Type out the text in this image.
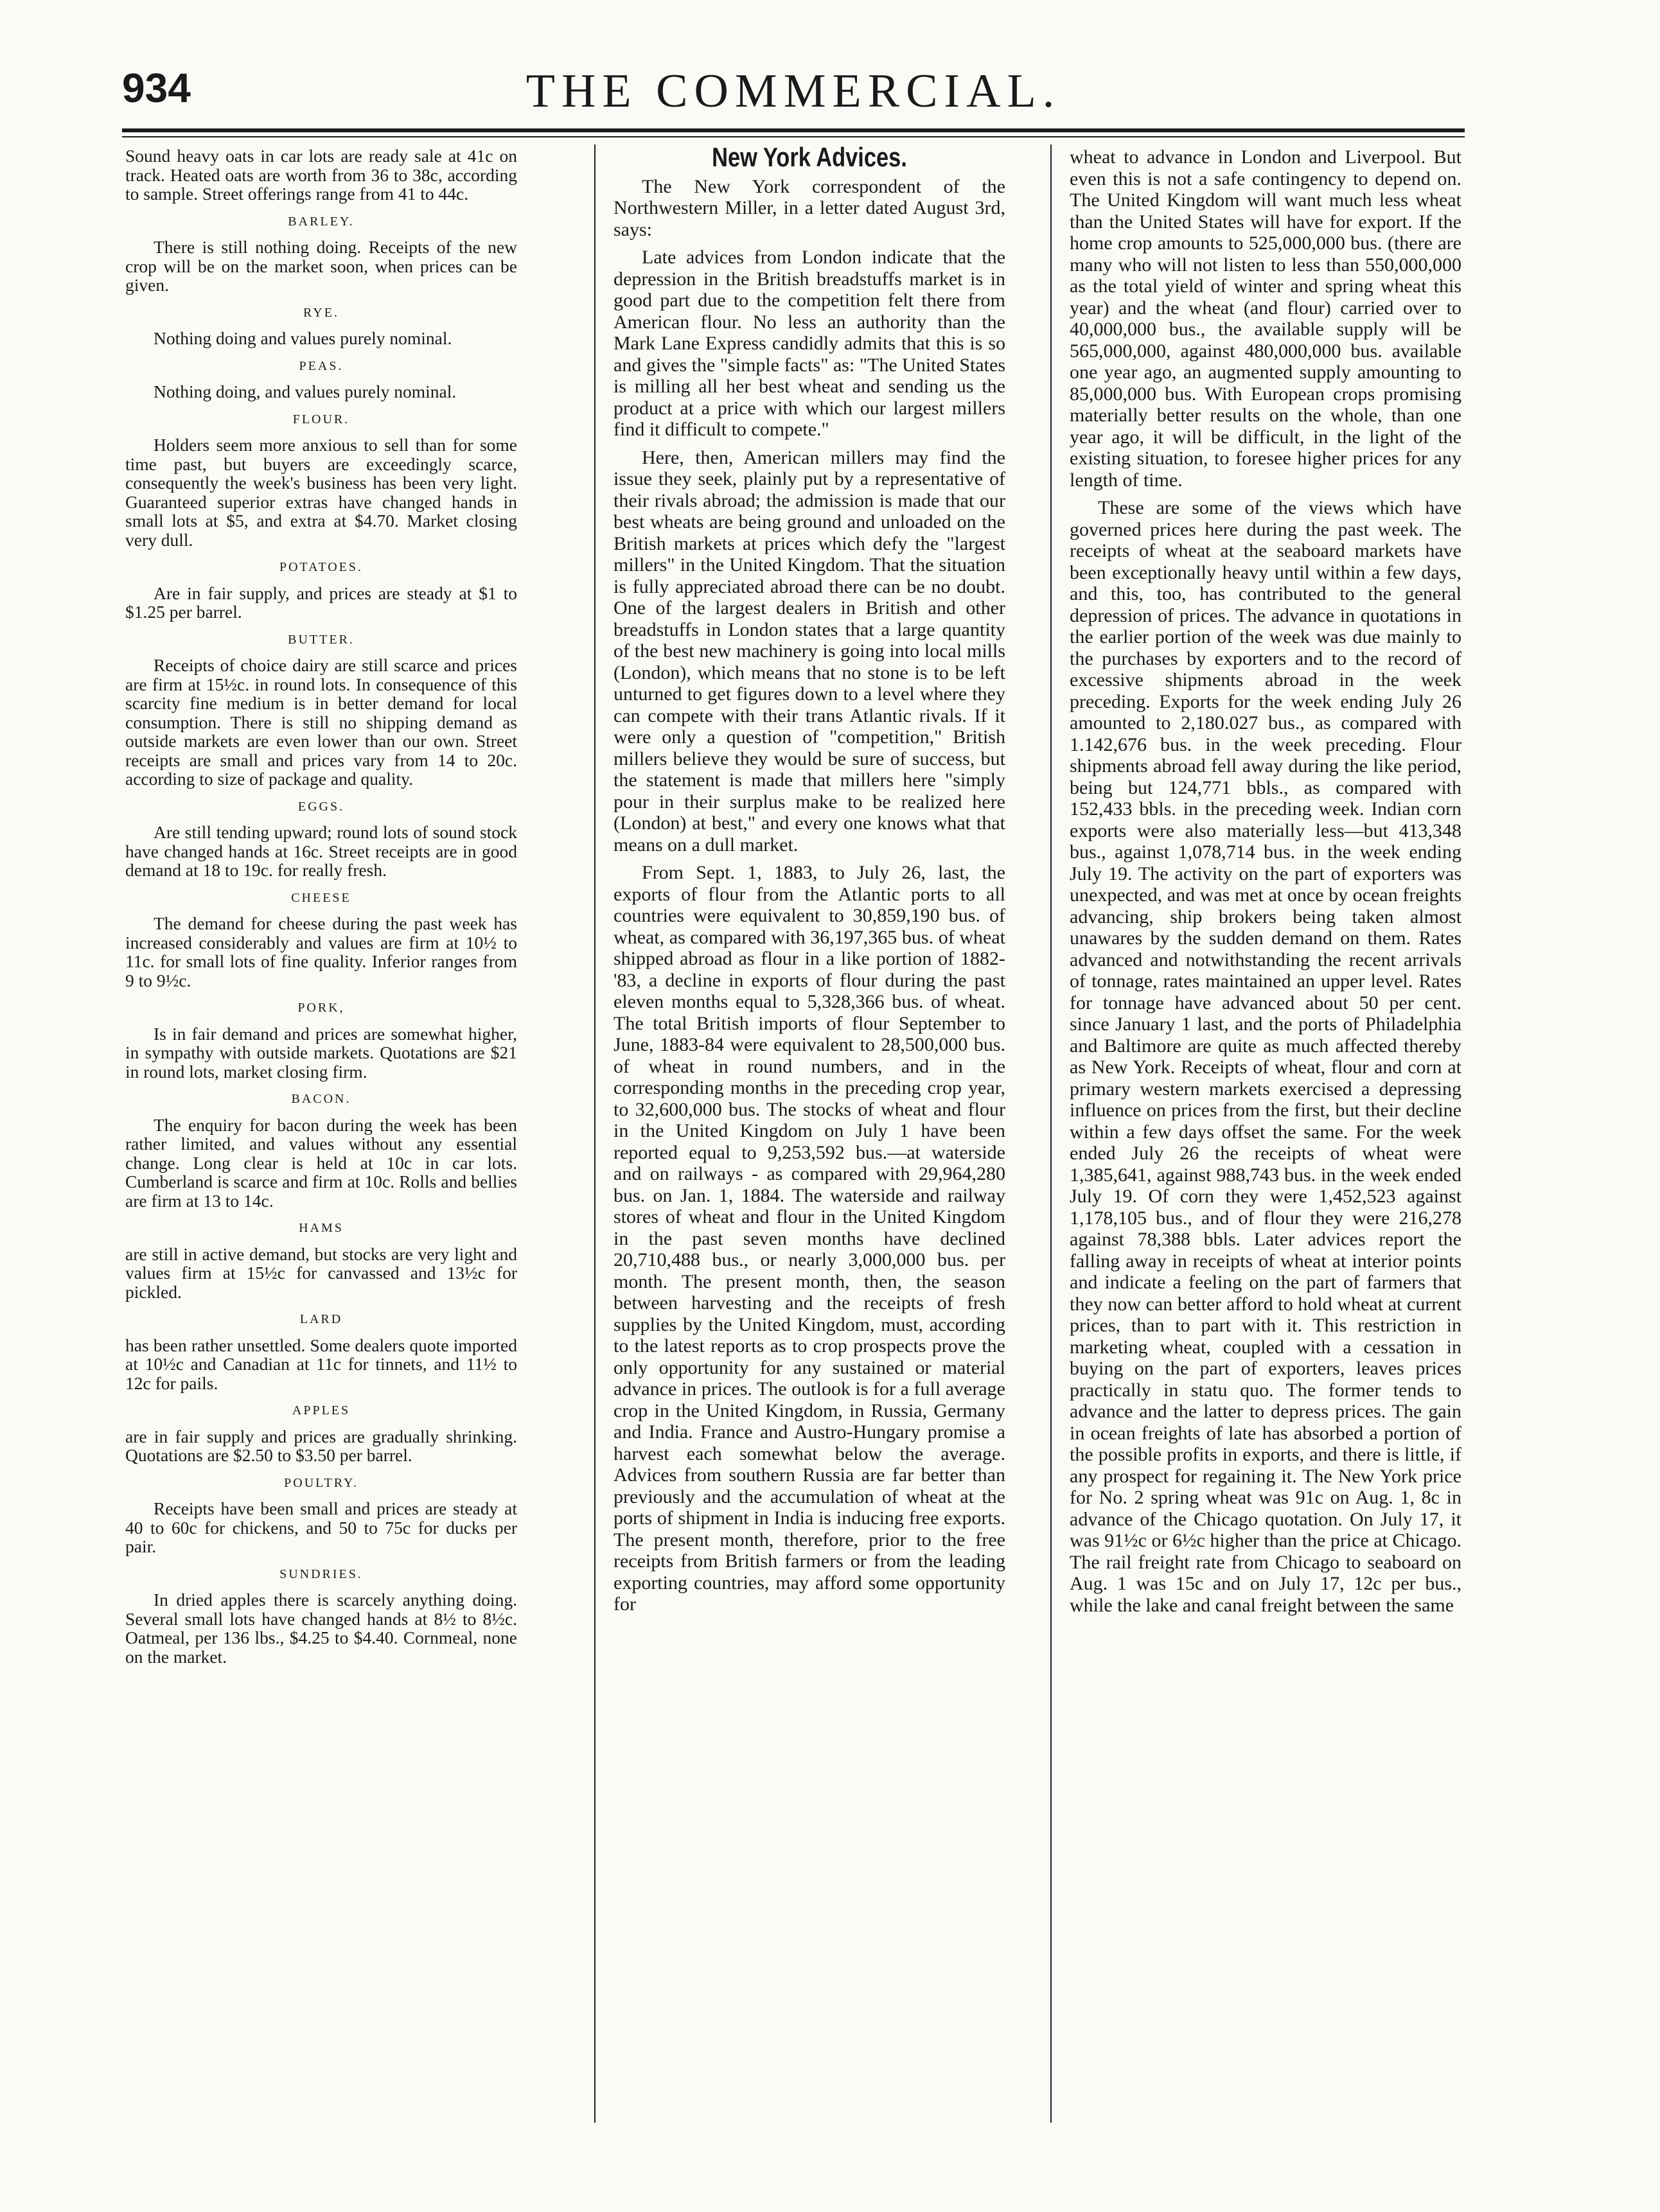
934	THE COMMERCIAL.

Sound heavy oats in car lots are ready sale at 41c on track. Heated oats are worth from 36 to 38c, according to sample. Street offerings range from 41 to 44c.

BARLEY.

There is still nothing doing. Receipts of the new crop will be on the market soon, when prices can be given.

RYE.

Nothing doing and values purely nominal.

PEAS.

Nothing doing, and values purely nominal.

FLOUR.

Holders seem more anxious to sell than for some time past, but buyers are exceedingly scarce, consequently the week's business has been very light. Guaranteed superior extras have changed hands in small lots at $5, and extra at $4.70. Market closing very dull.

POTATOES.

Are in fair supply, and prices are steady at $1 to $1.25 per barrel.

BUTTER.

Receipts of choice dairy are still scarce and prices are firm at 15½c. in round lots. In consequence of this scarcity fine medium is in better demand for local consumption. There is still no shipping demand as outside markets are even lower than our own. Street receipts are small and prices vary from 14 to 20c. according to size of package and quality.

EGGS.

Are still tending upward; round lots of sound stock have changed hands at 16c. Street receipts are in good demand at 18 to 19c. for really fresh.

CHEESE

The demand for cheese during the past week has increased considerably and values are firm at 10½ to 11c. for small lots of fine quality. Inferior ranges from 9 to 9½c.

PORK,

Is in fair demand and prices are somewhat higher, in sympathy with outside markets. Quotations are $21 in round lots, market closing firm.

BACON.

The enquiry for bacon during the week has been rather limited, and values without any essential change. Long clear is held at 10c in car lots. Cumberland is scarce and firm at 10c. Rolls and bellies are firm at 13 to 14c.

HAMS

are still in active demand, but stocks are very light and values firm at 15½c for canvassed and 13½c for pickled.

LARD

has been rather unsettled. Some dealers quote imported at 10½c and Canadian at 11c for tinnets, and 11½ to 12c for pails.

APPLES

are in fair supply and prices are gradually shrinking. Quotations are $2.50 to $3.50 per barrel.

POULTRY.

Receipts have been small and prices are steady at 40 to 60c for chickens, and 50 to 75c for ducks per pair.

SUNDRIES.

In dried apples there is scarcely anything doing. Several small lots have changed hands at 8½ to 8½c. Oatmeal, per 136 lbs., $4.25 to $4.40. Cornmeal, none on the market.

New York Advices.

The New York correspondent of the Northwestern Miller, in a letter dated August 3rd, says:

Late advices from London indicate that the depression in the British breadstuffs market is in good part due to the competition felt there from American flour. No less an authority than the Mark Lane Express candidly admits that this is so and gives the "simple facts" as: "The United States is milling all her best wheat and sending us the product at a price with which our largest millers find it difficult to compete."

Here, then, American millers may find the issue they seek, plainly put by a representative of their rivals abroad; the admission is made that our best wheats are being ground and unloaded on the British markets at prices which defy the "largest millers" in the United Kingdom. That the situation is fully appreciated abroad there can be no doubt. One of the largest dealers in British and other breadstuffs in London states that a large quantity of the best new machinery is going into local mills (London), which means that no stone is to be left unturned to get figures down to a level where they can compete with their trans Atlantic rivals. If it were only a question of "competition," British millers believe they would be sure of success, but the statement is made that millers here "simply pour in their surplus make to be realized here (London) at best," and every one knows what that means on a dull market.

From Sept. 1, 1883, to July 26, last, the exports of flour from the Atlantic ports to all countries were equivalent to 30,859,190 bus. of wheat, as compared with 36,197,365 bus. of wheat shipped abroad as flour in a like portion of 1882-'83, a decline in exports of flour during the past eleven months equal to 5,328,366 bus. of wheat. The total British imports of flour September to June, 1883-84 were equivalent to 28,500,000 bus. of wheat in round numbers, and in the corresponding months in the preceding crop year, to 32,600,000 bus. The stocks of wheat and flour in the United Kingdom on July 1 have been reported equal to 9,253,592 bus.—at waterside and on railways - as compared with 29,964,280 bus. on Jan. 1, 1884. The waterside and railway stores of wheat and flour in the United Kingdom in the past seven months have declined 20,710,488 bus., or nearly 3,000,000 bus. per month. The present month, then, the season between harvesting and the receipts of fresh supplies by the United Kingdom, must, according to the latest reports as to crop prospects prove the only opportunity for any sustained or material advance in prices. The outlook is for a full average crop in the United Kingdom, in Russia, Germany and India. France and Austro-Hungary promise a harvest each somewhat below the average. Advices from southern Russia are far better than previously and the accumulation of wheat at the ports of shipment in India is inducing free exports. The present month, therefore, prior to the free receipts from British farmers or from the leading exporting countries, may afford some opportunity for

wheat to advance in London and Liverpool. But even this is not a safe contingency to depend on. The United Kingdom will want much less wheat than the United States will have for export. If the home crop amounts to 525,000,000 bus. (there are many who will not listen to less than 550,000,000 as the total yield of winter and spring wheat this year) and the wheat (and flour) carried over to 40,000,000 bus., the available supply will be 565,000,000, against 480,000,000 bus. available one year ago, an augmented supply amounting to 85,000,000 bus. With European crops promising materially better results on the whole, than one year ago, it will be difficult, in the light of the existing situation, to foresee higher prices for any length of time.

These are some of the views which have governed prices here during the past week. The receipts of wheat at the seaboard markets have been exceptionally heavy until within a few days, and this, too, has contributed to the general depression of prices. The advance in quotations in the earlier portion of the week was due mainly to the purchases by exporters and to the record of excessive shipments abroad in the week preceding. Exports for the week ending July 26 amounted to 2,180.027 bus., as compared with 1.142,676 bus. in the week preceding. Flour shipments abroad fell away during the like period, being but 124,771 bbls., as compared with 152,433 bbls. in the preceding week. Indian corn exports were also materially less—but 413,348 bus., against 1,078,714 bus. in the week ending July 19. The activity on the part of exporters was unexpected, and was met at once by ocean freights advancing, ship brokers being taken almost unawares by the sudden demand on them. Rates advanced and notwithstanding the recent arrivals of tonnage, rates maintained an upper level. Rates for tonnage have advanced about 50 per cent. since January 1 last, and the ports of Philadelphia and Baltimore are quite as much affected thereby as New York. Receipts of wheat, flour and corn at primary western markets exercised a depressing influence on prices from the first, but their decline within a few days offset the same. For the week ended July 26 the receipts of wheat were 1,385,641, against 988,743 bus. in the week ended July 19. Of corn they were 1,452,523 against 1,178,105 bus., and of flour they were 216,278 against 78,388 bbls. Later advices report the falling away in receipts of wheat at interior points and indicate a feeling on the part of farmers that they now can better afford to hold wheat at current prices, than to part with it. This restriction in marketing wheat, coupled with a cessation in buying on the part of exporters, leaves prices practically in statu quo. The former tends to advance and the latter to depress prices. The gain in ocean freights of late has absorbed a portion of the possible profits in exports, and there is little, if any prospect for regaining it. The New York price for No. 2 spring wheat was 91c on Aug. 1, 8c in advance of the Chicago quotation. On July 17, it was 91½c or 6½c higher than the price at Chicago. The rail freight rate from Chicago to seaboard on Aug. 1 was 15c and on July 17, 12c per bus., while the lake and canal freight between the same
